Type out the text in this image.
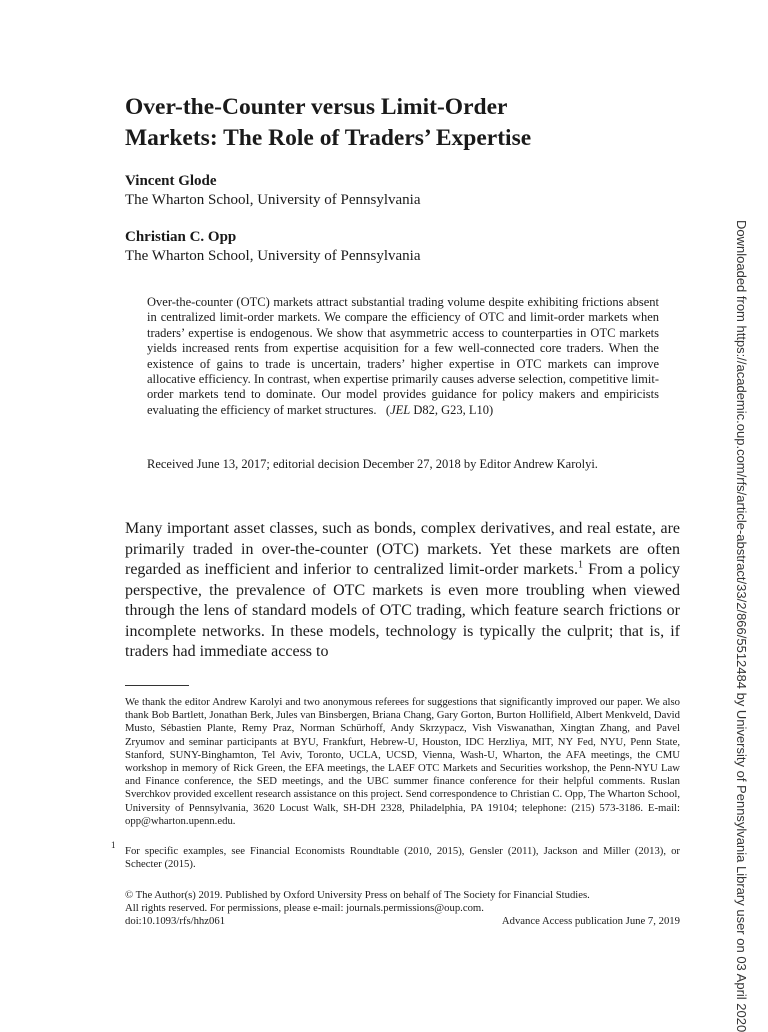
Over-the-Counter versus Limit-Order
Markets: The Role of Traders’ Expertise
Vincent Glode
The Wharton School, University of Pennsylvania
Christian C. Opp
The Wharton School, University of Pennsylvania

Over-the-counter (OTC) markets attract substantial trading volume despite exhibiting frictions absent in centralized limit-order markets. We compare the efficiency of OTC and limit-order markets when traders’ expertise is endogenous. We show that asymmetric access to counterparties in OTC markets yields increased rents from expertise acquisition for a few well-connected core traders. When the existence of gains to trade is uncertain, traders’ higher expertise in OTC markets can improve allocative efficiency. In contrast, when expertise primarily causes adverse selection, competitive limit-order markets tend to dominate. Our model provides guidance for policy makers and empiricists evaluating the efficiency of market structures.   (JEL D82, G23, L10)

Received June 13, 2017; editorial decision December 27, 2018 by Editor Andrew Karolyi.

Many important asset classes, such as bonds, complex derivatives, and real estate, are primarily traded in over-the-counter (OTC) markets. Yet these markets are often regarded as inefficient and inferior to centralized limit-order markets.$^1$ From a policy perspective, the prevalence of OTC markets is even more troubling when viewed through the lens of standard models of OTC trading, which feature search frictions or incomplete networks. In these models, technology is typically the culprit; that is, if traders had immediate access to

We thank the editor Andrew Karolyi and two anonymous referees for suggestions that significantly improved our paper. We also thank Bob Bartlett, Jonathan Berk, Jules van Binsbergen, Briana Chang, Gary Gorton, Burton Hollifield, Albert Menkveld, David Musto, Sébastien Plante, Remy Praz, Norman Schürhoff, Andy Skrzypacz, Vish Viswanathan, Xingtan Zhang, and Pavel Zryumov and seminar participants at BYU, Frankfurt, Hebrew-U, Houston, IDC Herzliya, MIT, NY Fed, NYU, Penn State, Stanford, SUNY-Binghamton, Tel Aviv, Toronto, UCLA, UCSD, Vienna, Wash-U, Wharton, the AFA meetings, the CMU workshop in memory of Rick Green, the EFA meetings, the LAEF OTC Markets and Securities workshop, the Penn-NYU Law and Finance conference, the SED meetings, and the UBC summer finance conference for their helpful comments. Ruslan Sverchkov provided excellent research assistance on this project. Send correspondence to Christian C. Opp, The Wharton School, University of Pennsylvania, 3620 Locust Walk, SH-DH 2328, Philadelphia, PA 19104; telephone: (215) 573-3186. E-mail: opp@wharton.upenn.edu.

1 For specific examples, see Financial Economists Roundtable (2010, 2015), Gensler (2011), Jackson and Miller (2013), or Schecter (2015).

© The Author(s) 2019. Published by Oxford University Press on behalf of The Society for Financial Studies.
All rights reserved. For permissions, please e-mail: journals.permissions@oup.com.
doi:10.1093/rfs/hhz061	Advance Access publication June 7, 2019	Downloaded from https://academic.oup.com/rfs/article-abstract/33/2/866/5512484 by University of Pennsylvania Library user on 03 April 2020
